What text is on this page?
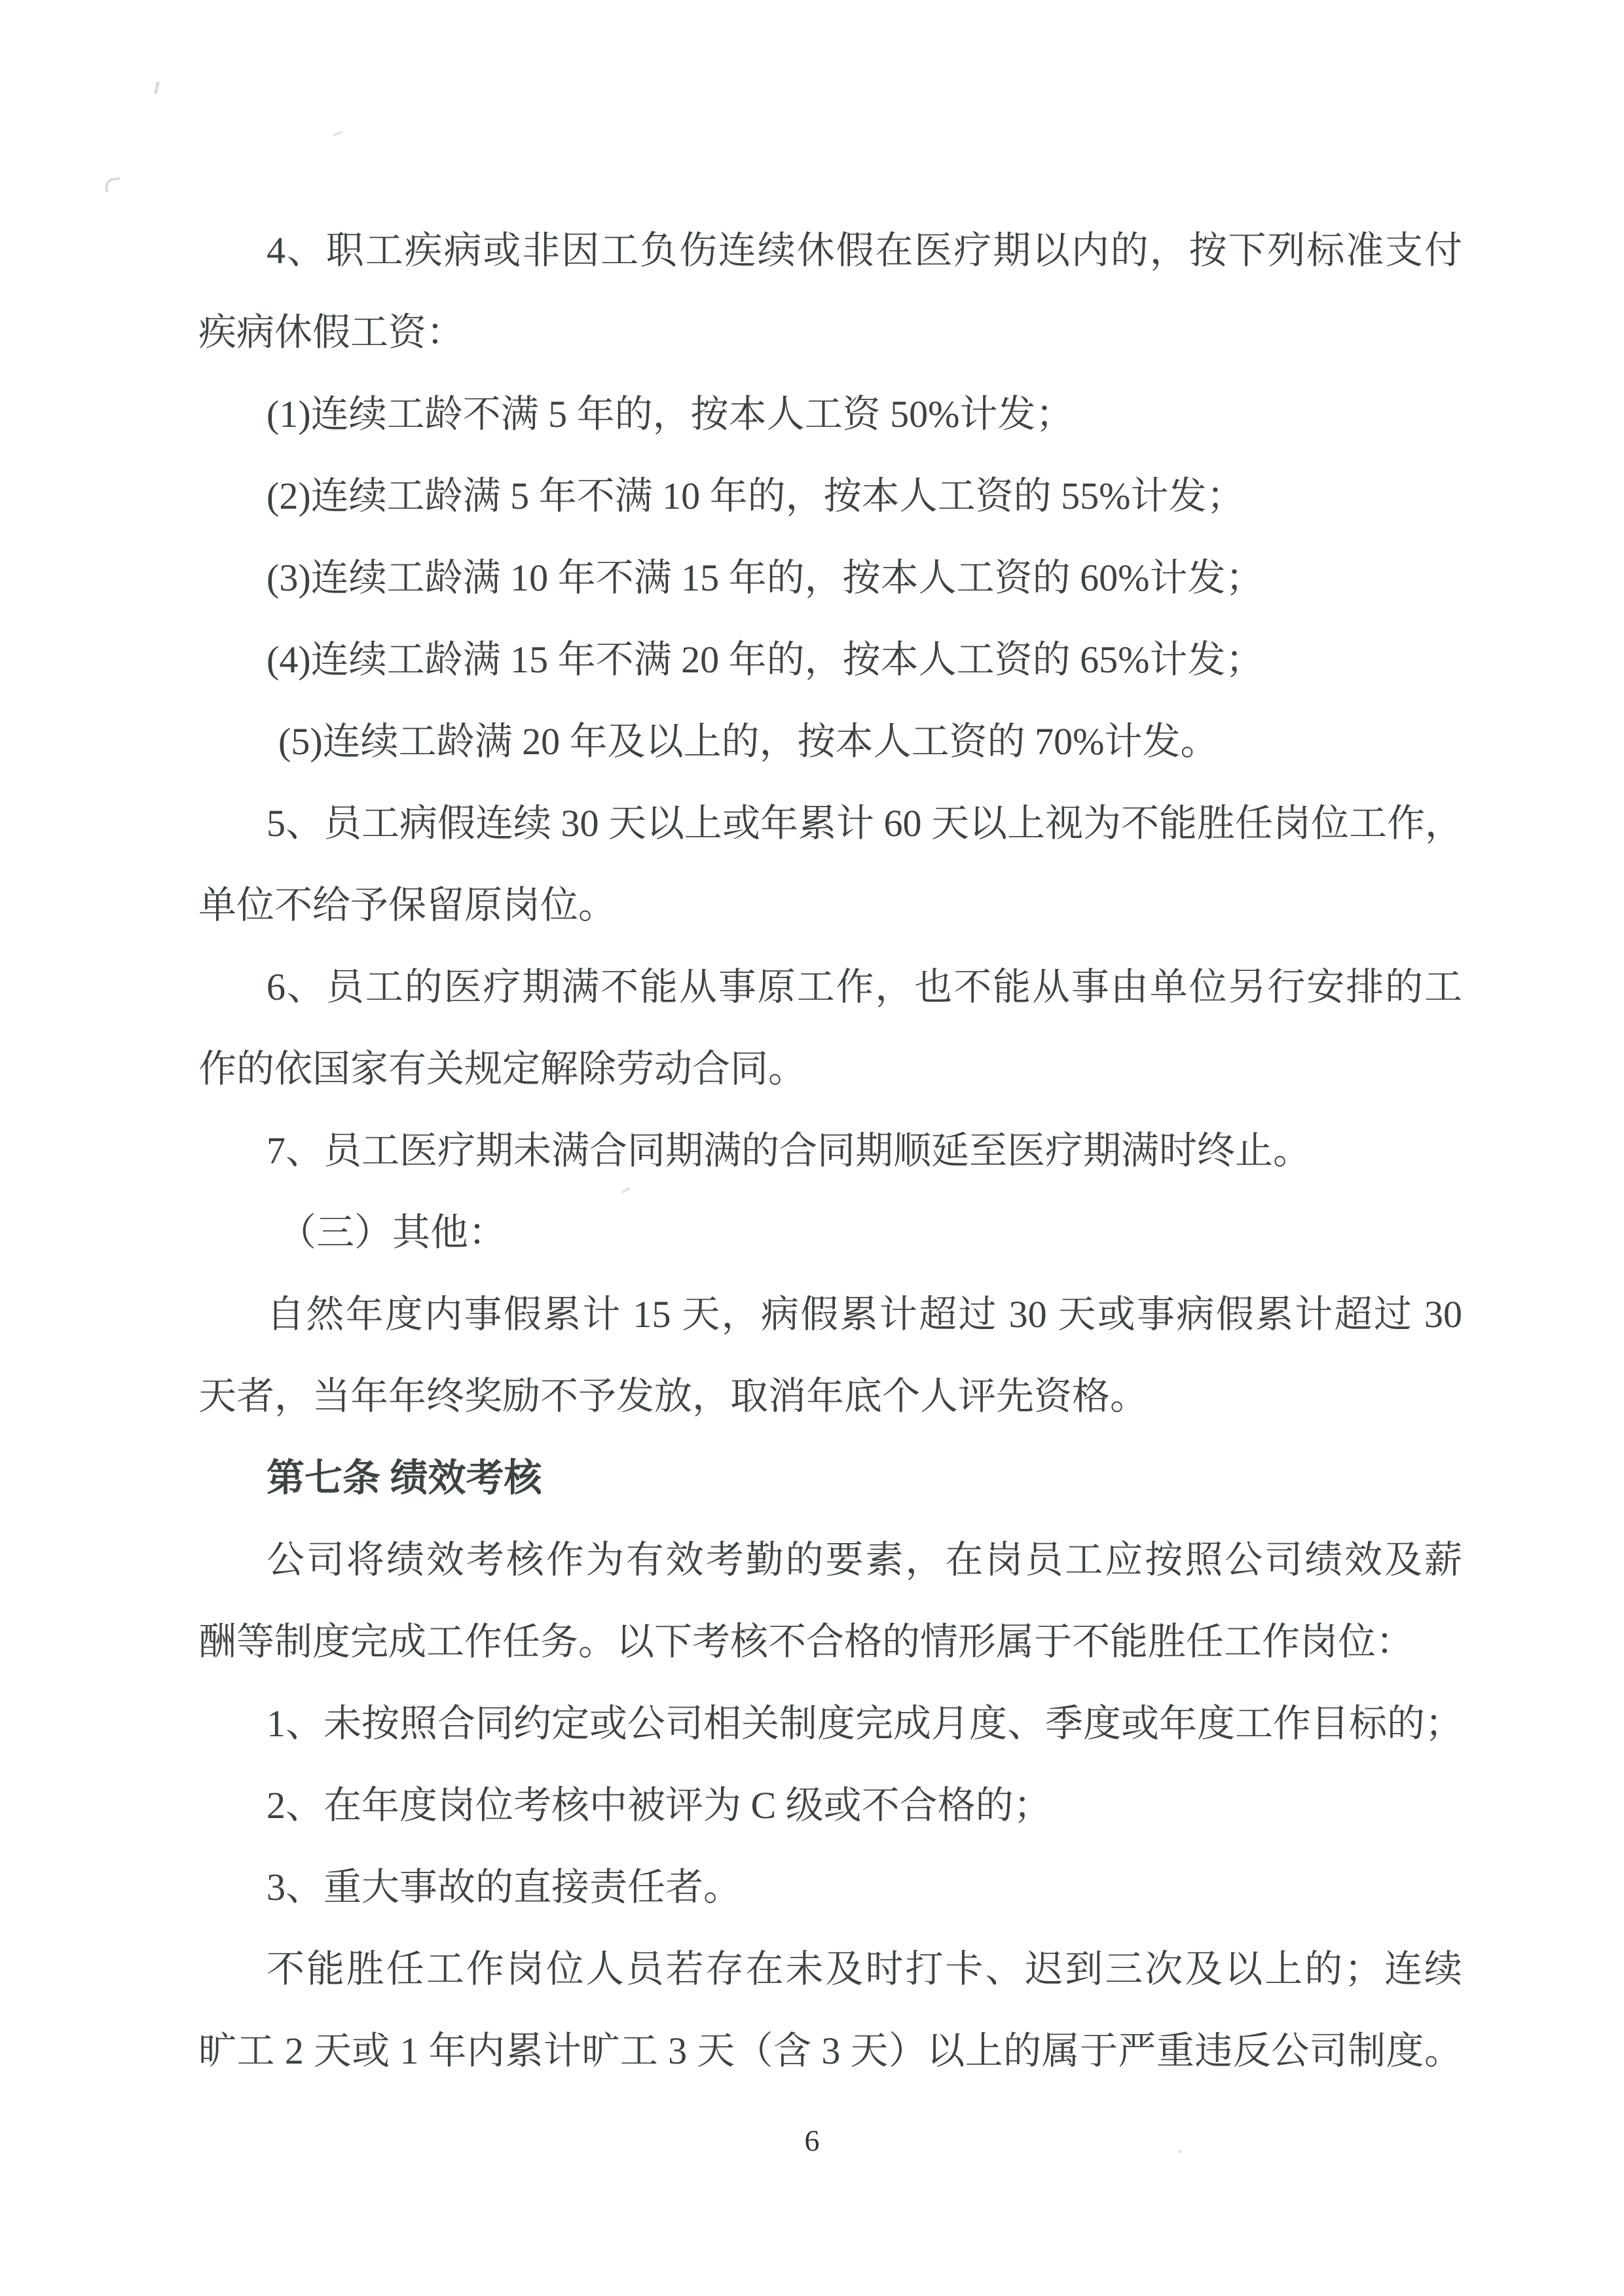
4、职工疾病或非因工负伤连续休假在医疗期以内的，按下列标准支付

疾病休假工资：

(1)连续工龄不满 5 年的，按本人工资 50%计发；

(2)连续工龄满 5 年不满 10 年的，按本人工资的 55%计发；

(3)连续工龄满 10 年不满 15 年的，按本人工资的 60%计发；

(4)连续工龄满 15 年不满 20 年的，按本人工资的 65%计发；

(5)连续工龄满 20 年及以上的，按本人工资的 70%计发。

5、员工病假连续 30 天以上或年累计 60 天以上视为不能胜任岗位工作，

单位不给予保留原岗位。

6、员工的医疗期满不能从事原工作，也不能从事由单位另行安排的工

作的依国家有关规定解除劳动合同。

7、员工医疗期未满合同期满的合同期顺延至医疗期满时终止。

（三）其他：

自然年度内事假累计 15 天，病假累计超过 30 天或事病假累计超过 30

天者，当年年终奖励不予发放，取消年底个人评先资格。

第七条 绩效考核

公司将绩效考核作为有效考勤的要素，在岗员工应按照公司绩效及薪

酬等制度完成工作任务。以下考核不合格的情形属于不能胜任工作岗位：

1、未按照合同约定或公司相关制度完成月度、季度或年度工作目标的；

2、在年度岗位考核中被评为 C 级或不合格的；

3、重大事故的直接责任者。

不能胜任工作岗位人员若存在未及时打卡、迟到三次及以上的；连续

旷工 2 天或 1 年内累计旷工 3 天（含 3 天）以上的属于严重违反公司制度。

6
